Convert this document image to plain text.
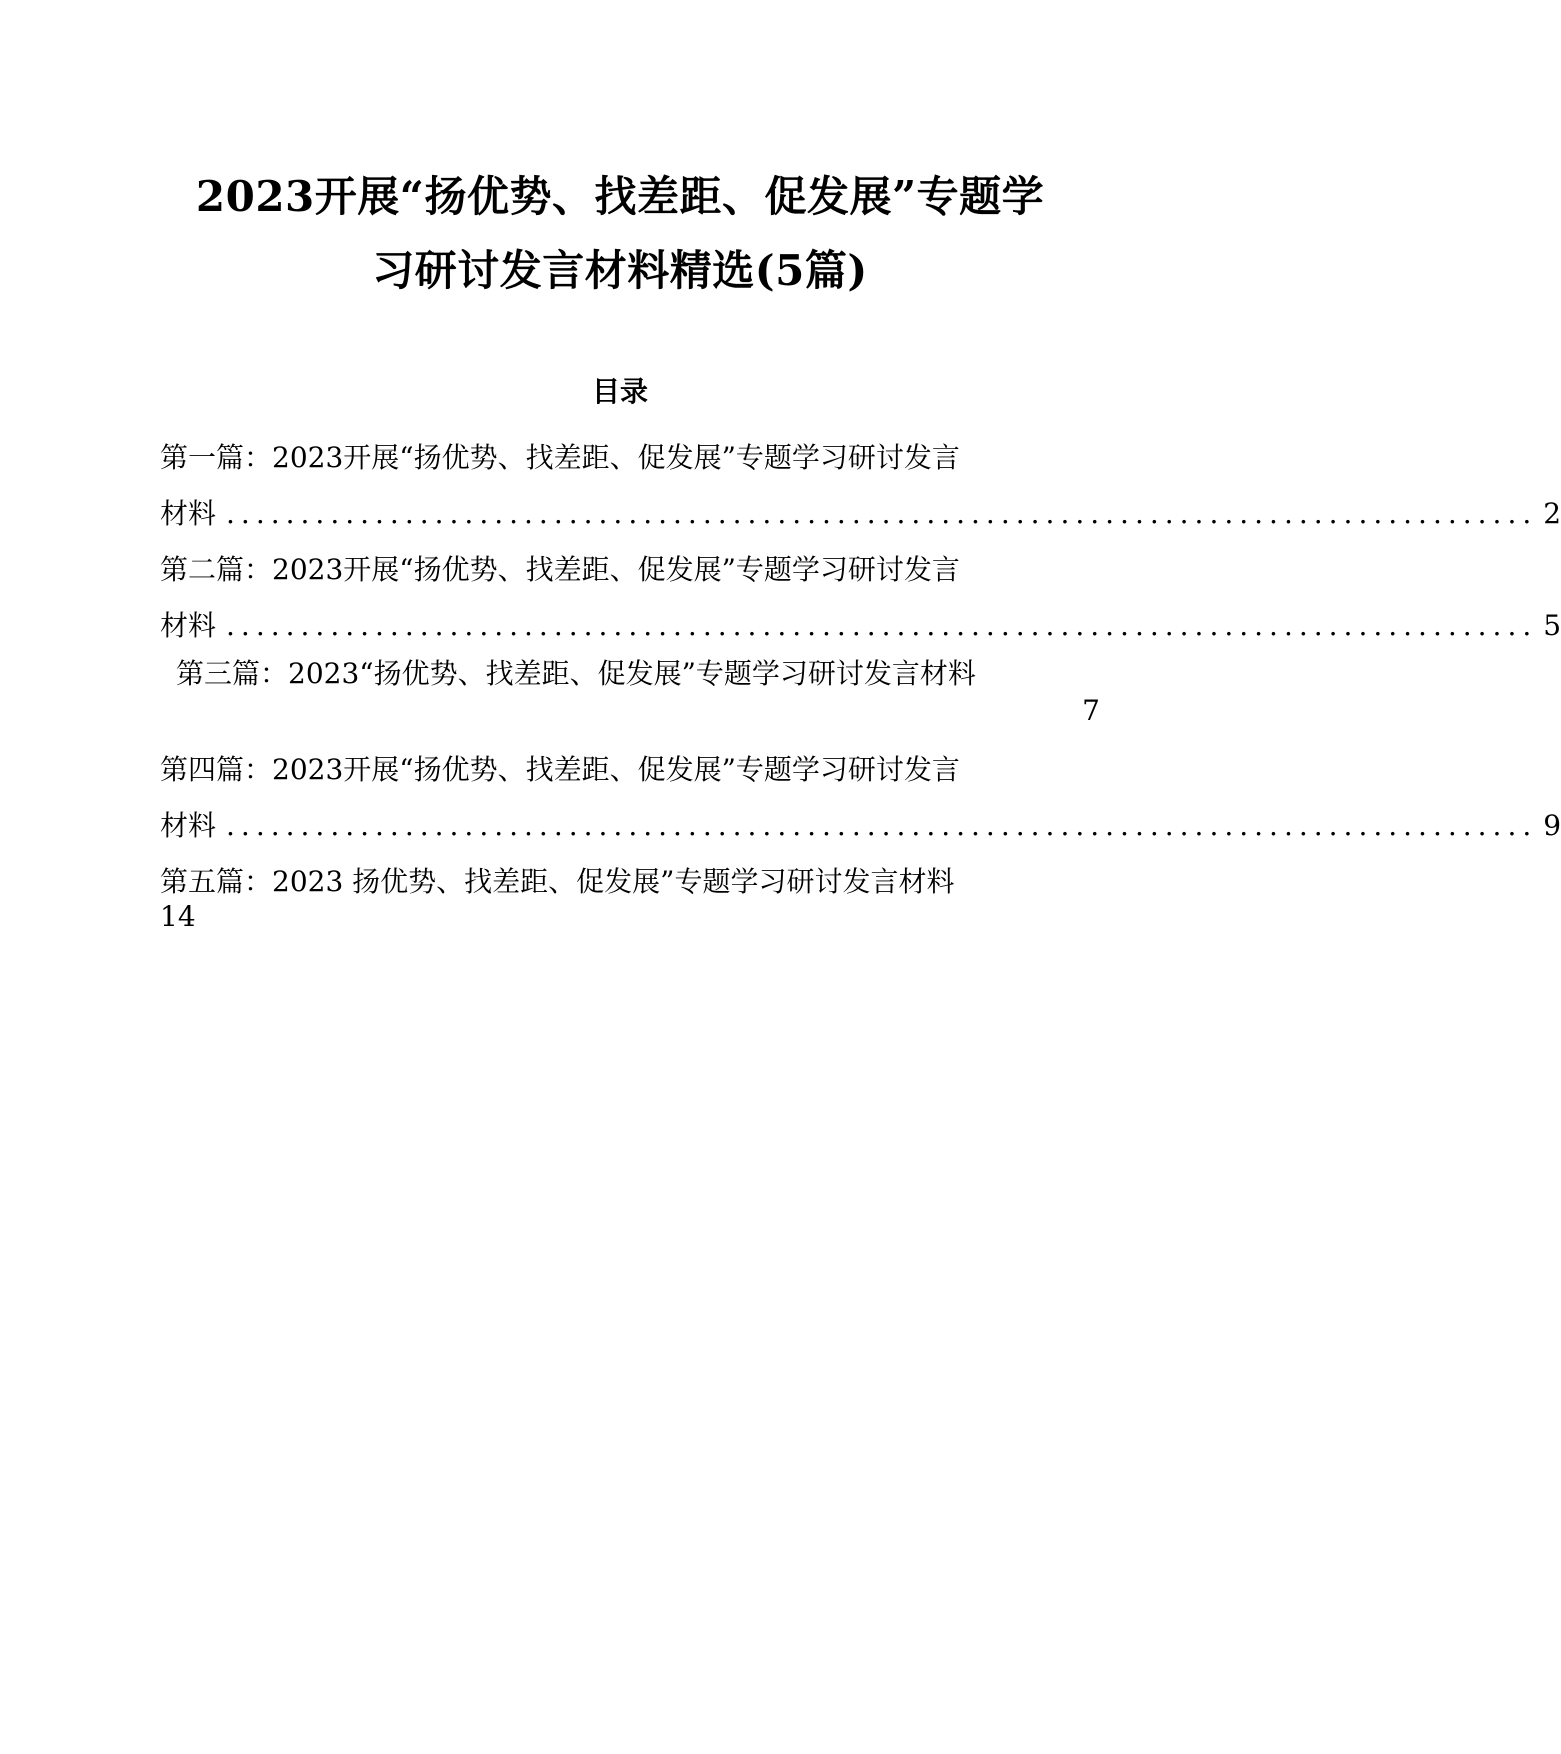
2023开展“扬优势、找差距、促发展”专题学
习研讨发言材料精选(5篇)
目录
第一篇：2023开展“扬优势、找差距、促发展”专题学习研讨发言
材料 ........................................................................................ 2
第二篇：2023开展“扬优势、找差距、促发展”专题学习研讨发言
材料 ........................................................................................ 5
第三篇：2023“扬优势、找差距、促发展”专题学习研讨发言材料
7
第四篇：2023开展“扬优势、找差距、促发展”专题学习研讨发言
材料 ........................................................................................ 9
第五篇：2023 扬优势、找差距、促发展”专题学习研讨发言材料
14
